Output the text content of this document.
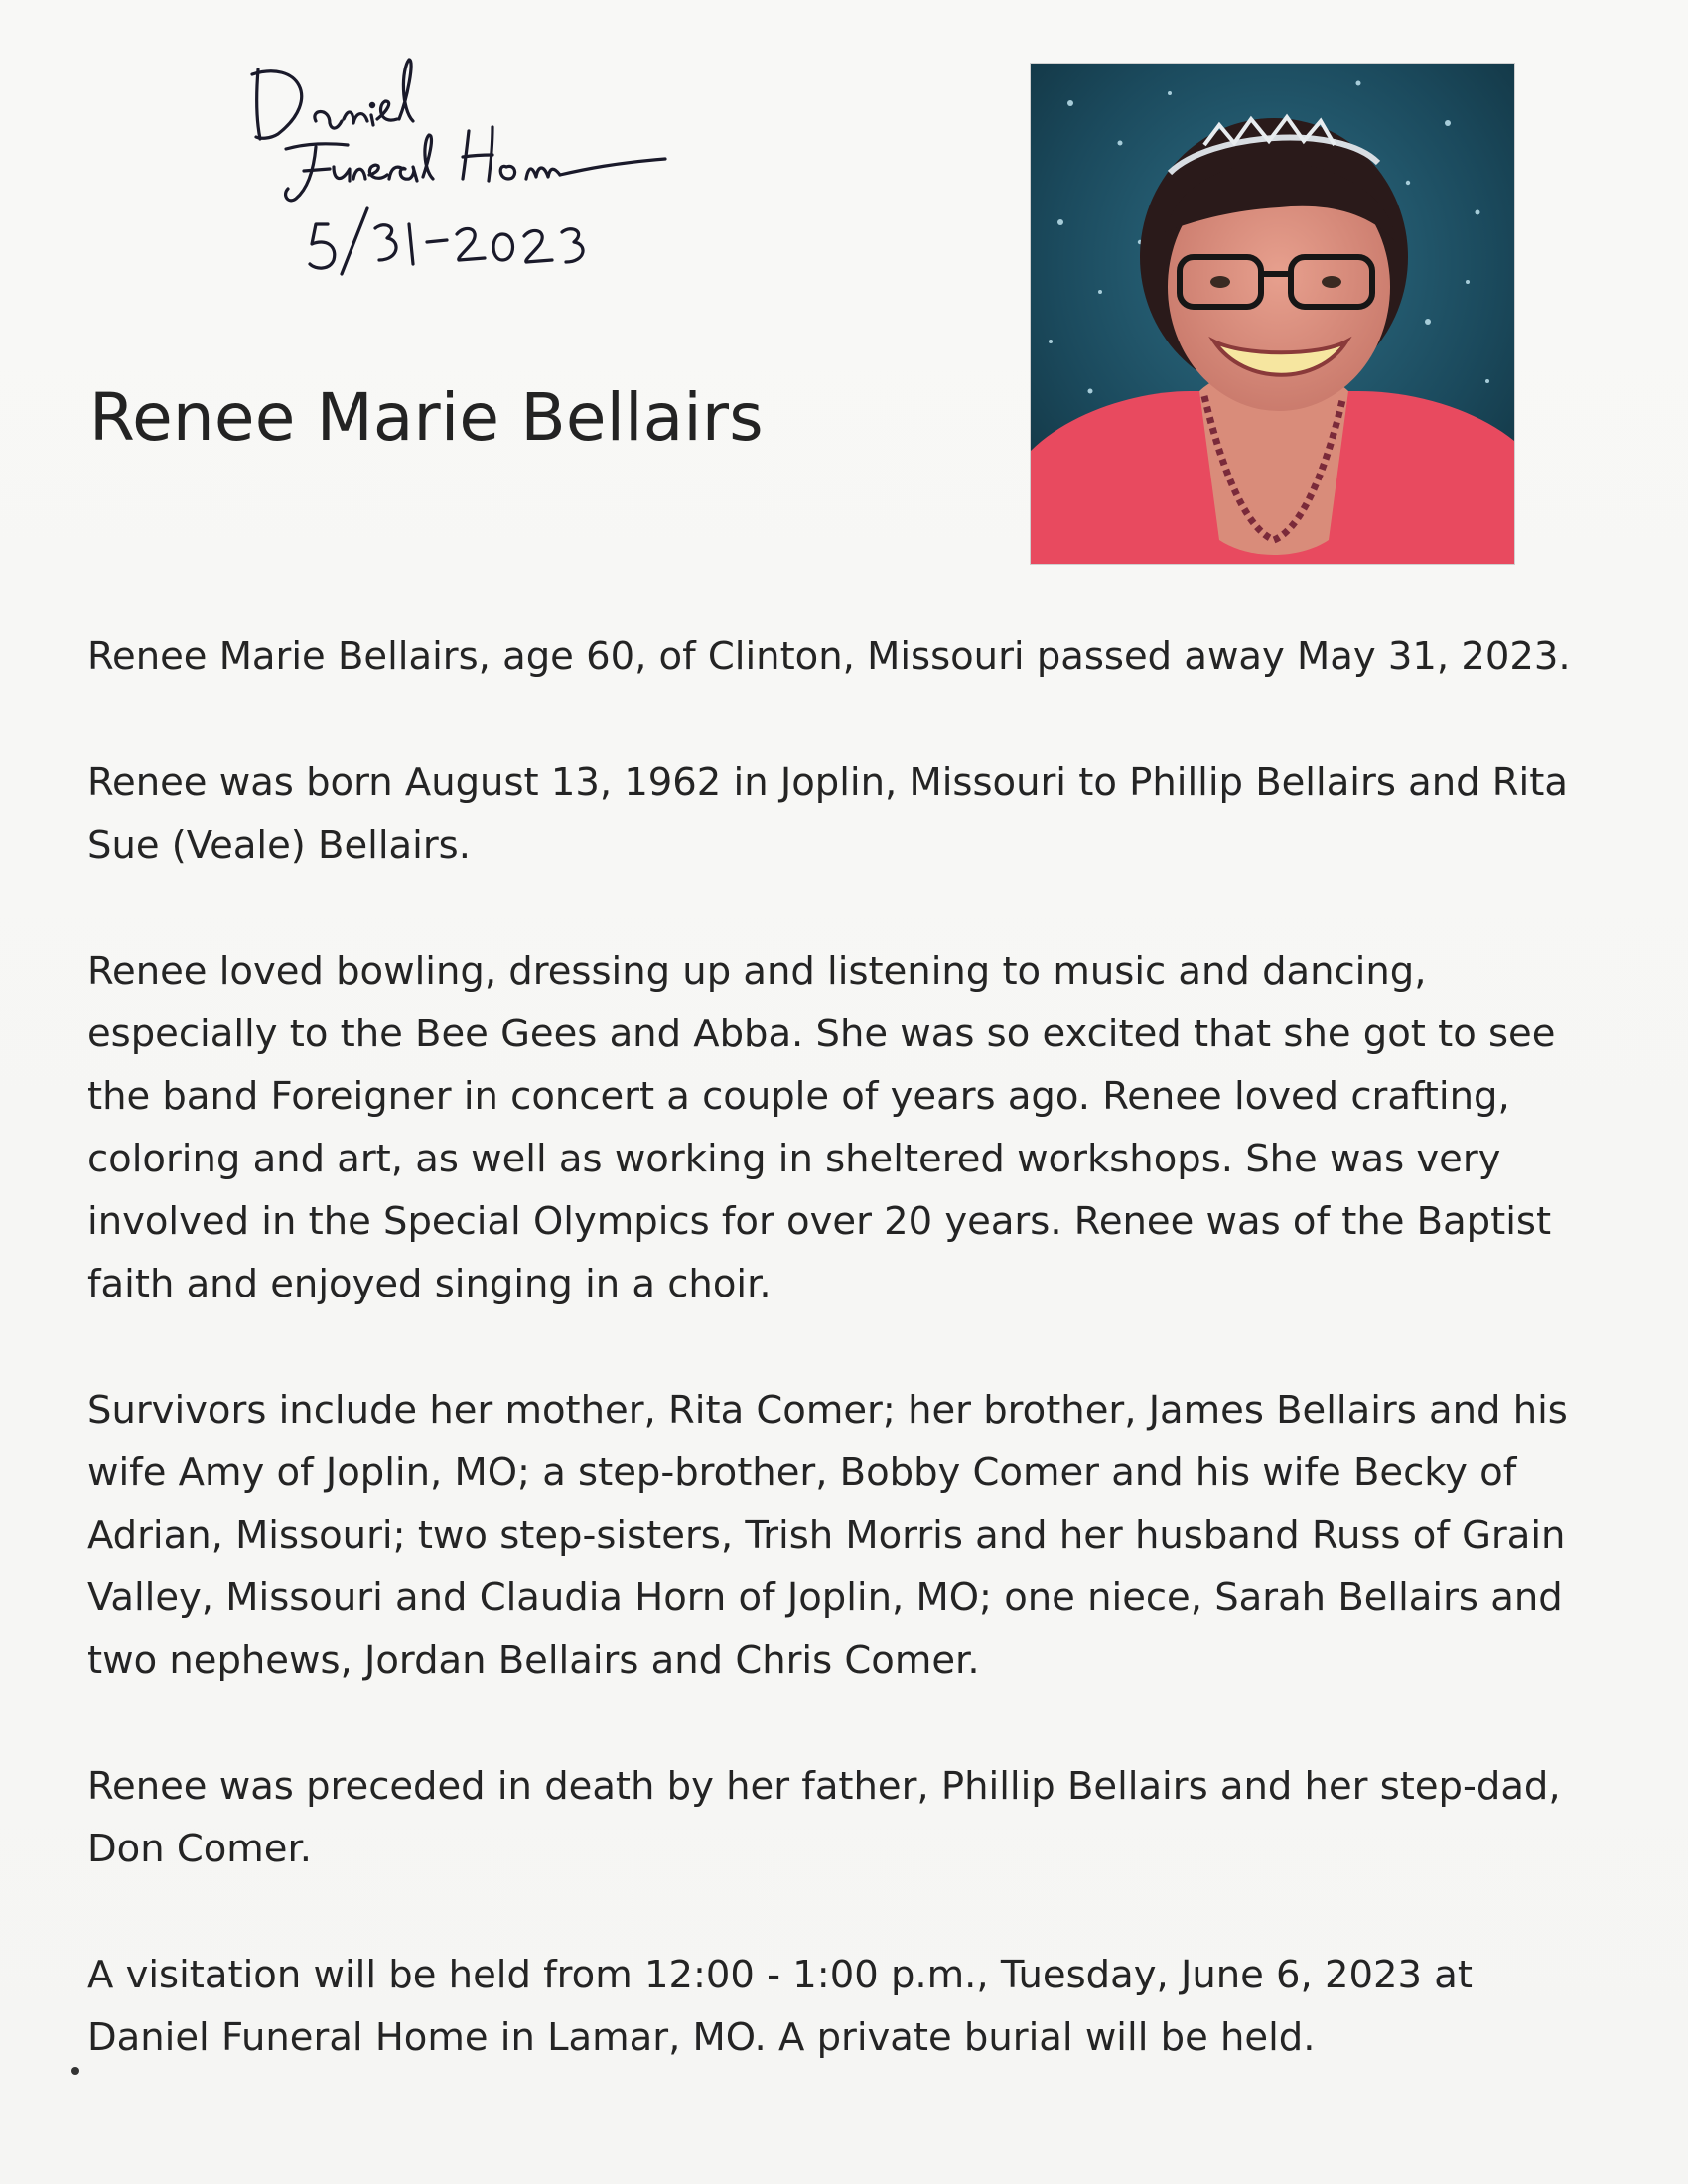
Renee Marie Bellairs

Renee Marie Bellairs, age 60, of Clinton, Missouri passed away May 31, 2023.

Renee was born August 13, 1962 in Joplin, Missouri to Phillip Bellairs and Rita Sue (Veale) Bellairs.

Renee loved bowling, dressing up and listening to music and dancing, especially to the Bee Gees and Abba. She was so excited that she got to see the band Foreigner in concert a couple of years ago. Renee loved crafting, coloring and art, as well as working in sheltered workshops. She was very involved in the Special Olympics for over 20 years. Renee was of the Baptist faith and enjoyed singing in a choir.

Survivors include her mother, Rita Comer; her brother, James Bellairs and his wife Amy of Joplin, MO; a step-brother, Bobby Comer and his wife Becky of Adrian, Missouri; two step-sisters, Trish Morris and her husband Russ of Grain Valley, Missouri and Claudia Horn of Joplin, MO; one niece, Sarah Bellairs and two nephews, Jordan Bellairs and Chris Comer.

Renee was preceded in death by her father, Phillip Bellairs and her step-dad, Don Comer.

A visitation will be held from 12:00 - 1:00 p.m., Tuesday, June 6, 2023 at Daniel Funeral Home in Lamar, MO. A private burial will be held.
